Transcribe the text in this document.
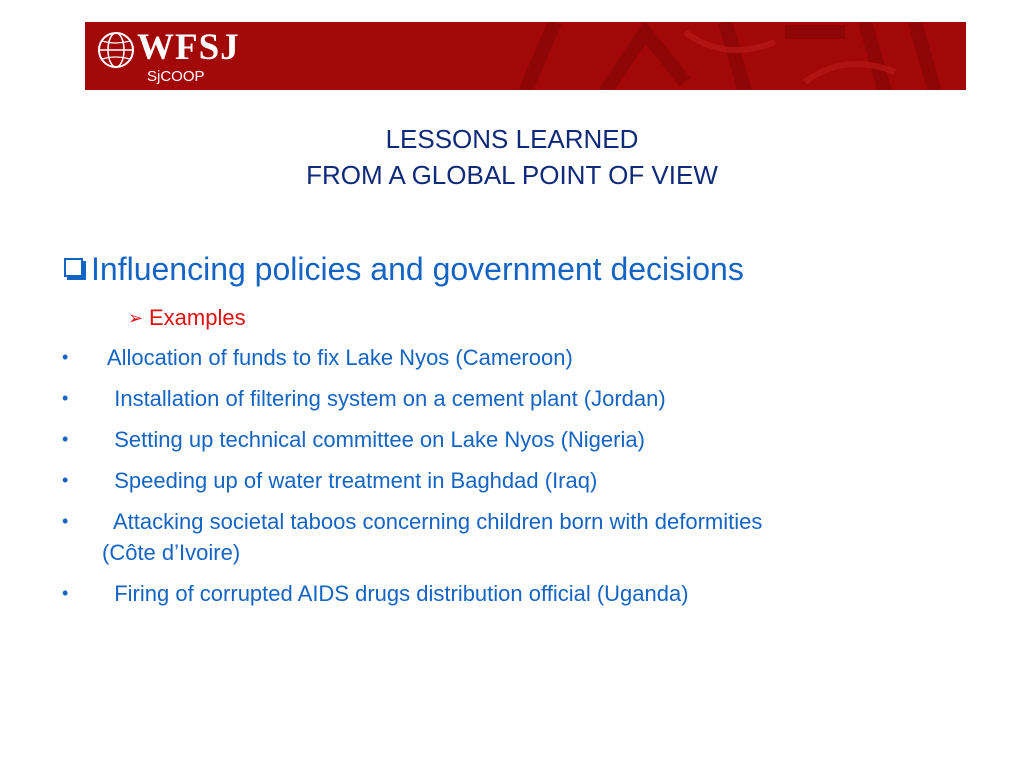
WFSJ
SjCOOP
LESSONS LEARNED
FROM A GLOBAL POINT OF VIEW
Influencing policies and government decisions
➢ Examples
•	Allocation of funds to fix Lake Nyos (Cameroon)
•	Installation of filtering system on a cement plant (Jordan)
•	Setting up technical committee on Lake Nyos (Nigeria)
•	Speeding up of water treatment in Baghdad (Iraq)
•	Attacking societal taboos concerning children born with deformities
(Côte d’Ivoire)
•	Firing of corrupted AIDS drugs distribution official (Uganda)
